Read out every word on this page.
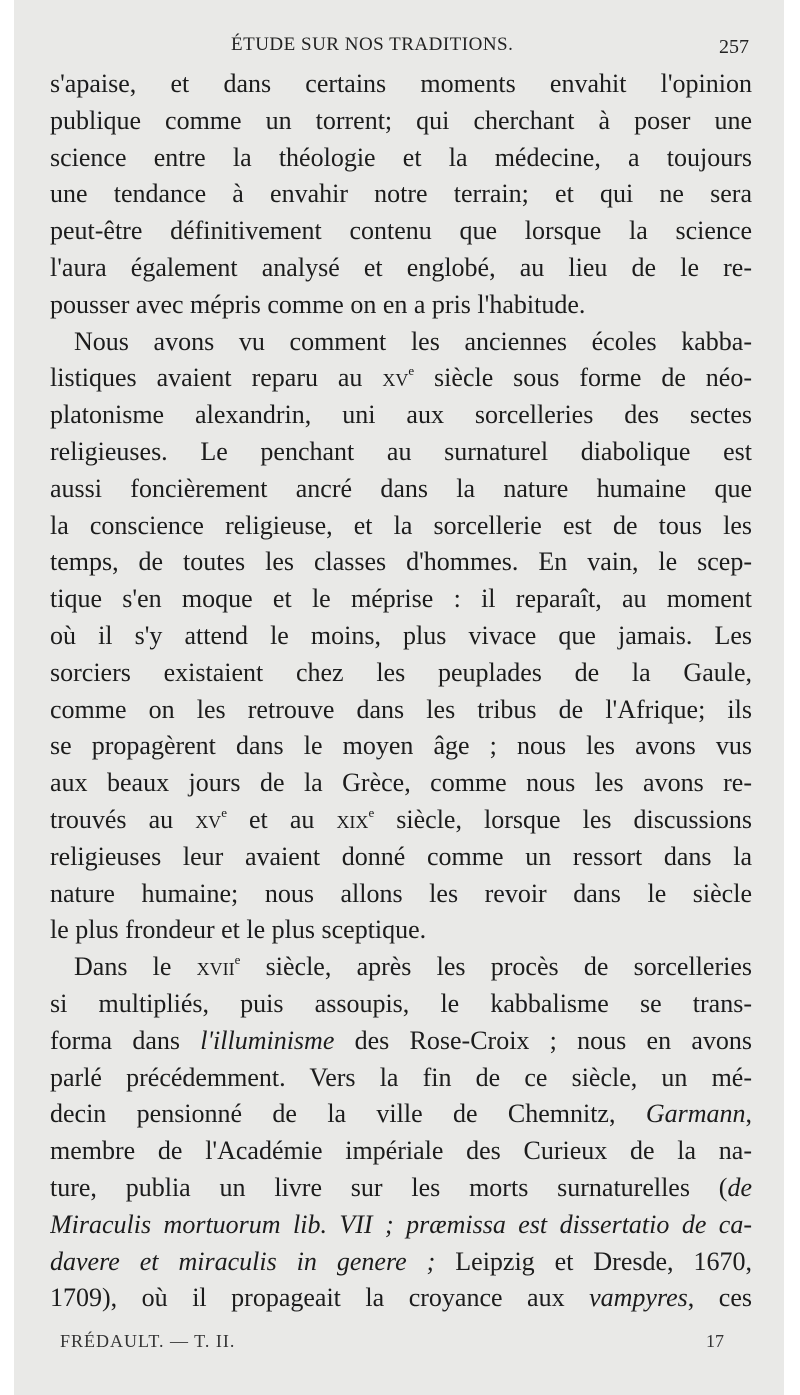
ÉTUDE SUR NOS TRADITIONS.	257
s'apaise, et dans certains moments envahit l'opinion
publique comme un torrent; qui cherchant à poser une
science entre la théologie et la médecine, a toujours
une tendance à envahir notre terrain; et qui ne sera
peut-être définitivement contenu que lorsque la science
l'aura également analysé et englobé, au lieu de le re-
pousser avec mépris comme on en a pris l'habitude.
Nous avons vu comment les anciennes écoles kabba-
listiques avaient reparu au $xv^e$ siècle sous forme de néo-
platonisme alexandrin, uni aux sorcelleries des sectes
religieuses. Le penchant au surnaturel diabolique est
aussi foncièrement ancré dans la nature humaine que
la conscience religieuse, et la sorcellerie est de tous les
temps, de toutes les classes d'hommes. En vain, le scep-
tique s'en moque et le méprise : il reparaît, au moment
où il s'y attend le moins, plus vivace que jamais. Les
sorciers existaient chez les peuplades de la Gaule,
comme on les retrouve dans les tribus de l'Afrique; ils
se propagèrent dans le moyen âge ; nous les avons vus
aux beaux jours de la Grèce, comme nous les avons re-
trouvés au $xv^e$ et au xix$^e$ siècle, lorsque les discussions
religieuses leur avaient donné comme un ressort dans la
nature humaine; nous allons les revoir dans le siècle
le plus frondeur et le plus sceptique.
Dans le xvii$^e$ siècle, après les procès de sorcelleries
si multipliés, puis assoupis, le kabbalisme se trans-
forma dans l'illuminisme des Rose-Croix ; nous en avons
parlé précédemment. Vers la fin de ce siècle, un mé-
decin pensionné de la ville de Chemnitz, Garmann,
membre de l'Académie impériale des Curieux de la na-
ture, publia un livre sur les morts surnaturelles (de
Miraculis mortuorum lib. VII ; præmissa est dissertatio de ca-
davere et miraculis in genere ; Leipzig et Dresde, 1670,
1709), où il propageait la croyance aux vampyres, ces
FRÉDAULT. — T. II.	17
